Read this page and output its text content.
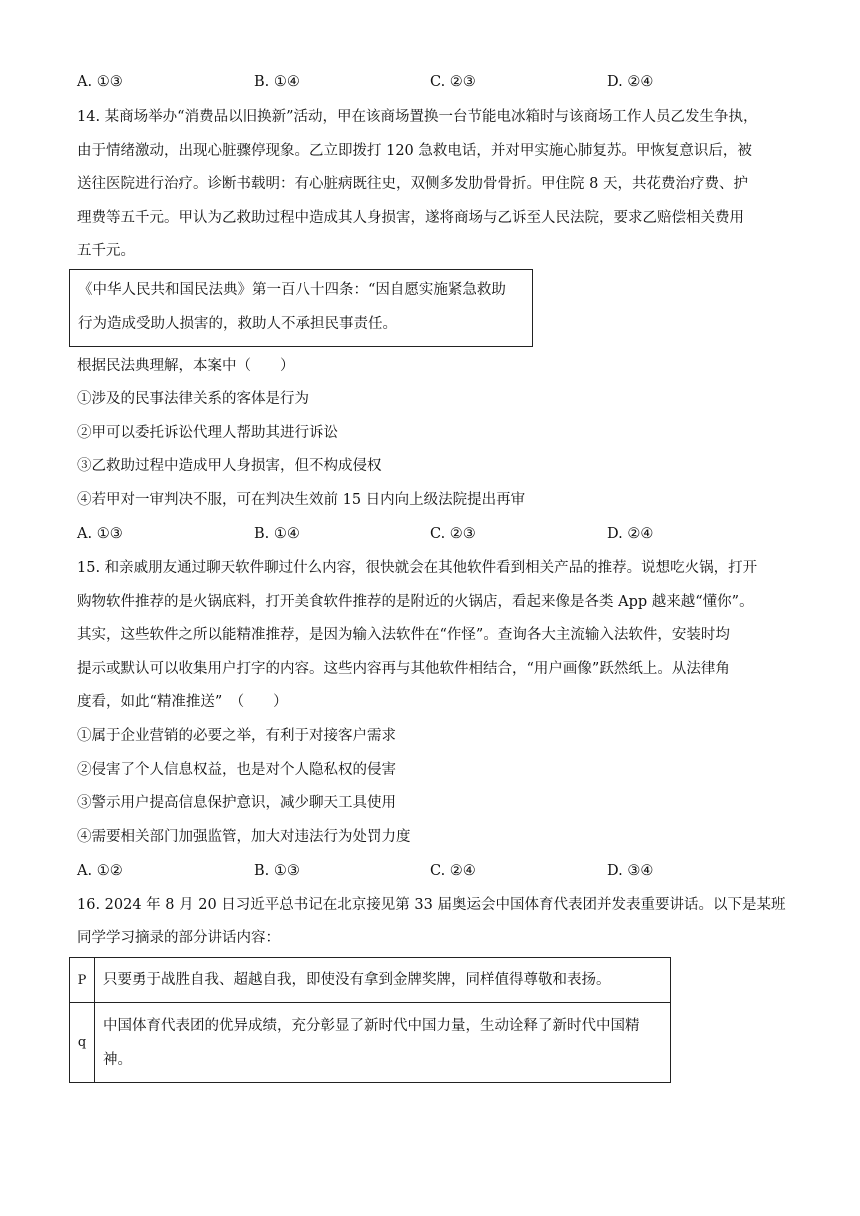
A. ①③	B. ①④	C. ②③	D. ②④
14. 某商场举办“消费品以旧换新”活动，甲在该商场置换一台节能电冰箱时与该商场工作人员乙发生争执，
由于情绪激动，出现心脏骤停现象。乙立即拨打 120 急救电话，并对甲实施心肺复苏。甲恢复意识后，被
送往医院进行治疗。诊断书载明：有心脏病既往史，双侧多发肋骨骨折。甲住院 8 天，共花费治疗费、护
理费等五千元。甲认为乙救助过程中造成其人身损害，遂将商场与乙诉至人民法院，要求乙赔偿相关费用
五千元。
《中华人民共和国民法典》第一百八十四条：“因自愿实施紧急救助
行为造成受助人损害的，救助人不承担民事责任。
根据民法典理解，本案中（　　）
①涉及的民事法律关系的客体是行为
②甲可以委托诉讼代理人帮助其进行诉讼
③乙救助过程中造成甲人身损害，但不构成侵权
④若甲对一审判决不服，可在判决生效前 15 日内向上级法院提出再审
A. ①③	B. ①④	C. ②③	D. ②④
15. 和亲戚朋友通过聊天软件聊过什么内容，很快就会在其他软件看到相关产品的推荐。说想吃火锅，打开
购物软件推荐的是火锅底料，打开美食软件推荐的是附近的火锅店，看起来像是各类 App 越来越“懂你”。
其实，这些软件之所以能精准推荐，是因为输入法软件在“作怪”。查询各大主流输入法软件，安装时均
提示或默认可以收集用户打字的内容。这些内容再与其他软件相结合，“用户画像”跃然纸上。从法律角
度看，如此“精准推送”　（　　）
①属于企业营销的必要之举，有利于对接客户需求
②侵害了个人信息权益，也是对个人隐私权的侵害
③警示用户提高信息保护意识，减少聊天工具使用
④需要相关部门加强监管，加大对违法行为处罚力度
A. ①②	B. ①③	C. ②④	D. ③④
16. 2024 年 8 月 20 日习近平总书记在北京接见第 33 届奥运会中国体育代表团并发表重要讲话。以下是某班
同学学习摘录的部分讲话内容：
P	只要勇于战胜自我、超越自我，即使没有拿到金牌奖牌，同样值得尊敬和表扬。

q	中国体育代表团的优异成绩，充分彰显了新时代中国力量，生动诠释了新时代中国精
神。
